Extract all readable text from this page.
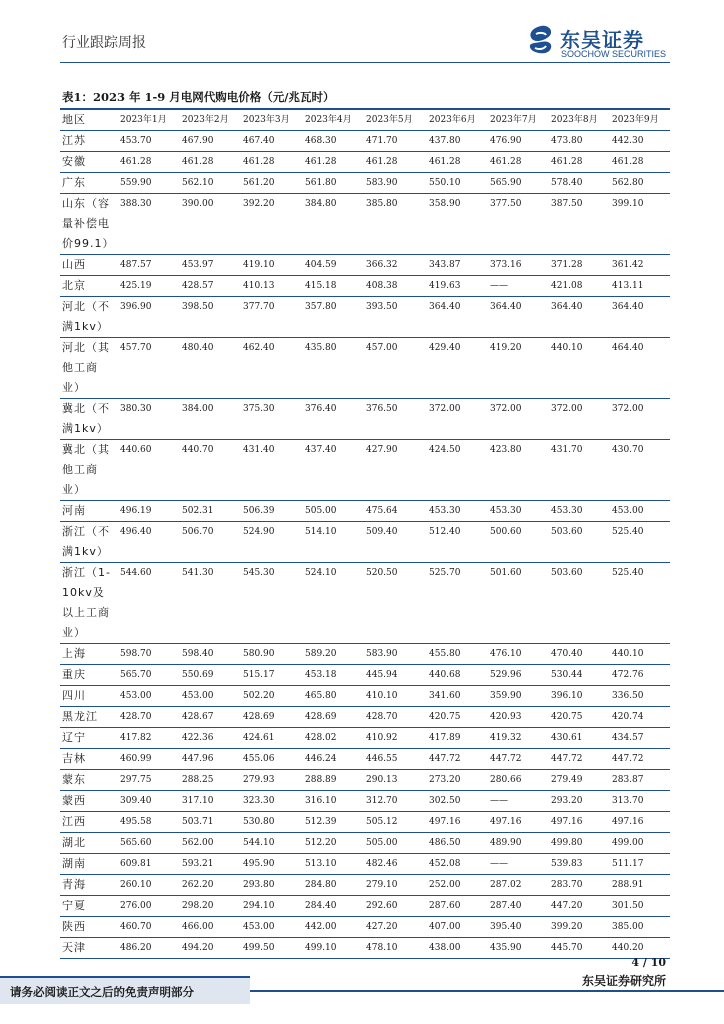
行业跟踪周报	东吴证券
SOOCHOW SECURITIES
表1：2023 年 1-9 月电网代购电价格（元/兆瓦时）
地区	2023年1月	2023年2月	2023年3月	2023年4月	2023年5月	2023年6月	2023年7月	2023年8月	2023年9月
江苏	453.70	467.90	467.40	468.30	471.70	437.80	476.90	473.80	442.30
安徽	461.28	461.28	461.28	461.28	461.28	461.28	461.28	461.28	461.28
广东	559.90	562.10	561.20	561.80	583.90	550.10	565.90	578.40	562.80
山东（容量补偿电价99.1）	388.30	390.00	392.20	384.80	385.80	358.90	377.50	387.50	399.10
山西	487.57	453.97	419.10	404.59	366.32	343.87	373.16	371.28	361.42
北京	425.19	428.57	410.13	415.18	408.38	419.63	——	421.08	413.11
河北（不满1kv）	396.90	398.50	377.70	357.80	393.50	364.40	364.40	364.40	364.40
河北（其他工商业）	457.70	480.40	462.40	435.80	457.00	429.40	419.20	440.10	464.40
冀北（不满1kv）	380.30	384.00	375.30	376.40	376.50	372.00	372.00	372.00	372.00
冀北（其他工商业）	440.60	440.70	431.40	437.40	427.90	424.50	423.80	431.70	430.70
河南	496.19	502.31	506.39	505.00	475.64	453.30	453.30	453.30	453.00
浙江（不满1kv）	496.40	506.70	524.90	514.10	509.40	512.40	500.60	503.60	525.40
浙江（1-10kv及以上工商业）	544.60	541.30	545.30	524.10	520.50	525.70	501.60	503.60	525.40
上海	598.70	598.40	580.90	589.20	583.90	455.80	476.10	470.40	440.10
重庆	565.70	550.69	515.17	453.18	445.94	440.68	529.96	530.44	472.76
四川	453.00	453.00	502.20	465.80	410.10	341.60	359.90	396.10	336.50
黑龙江	428.70	428.67	428.69	428.69	428.70	420.75	420.93	420.75	420.74
辽宁	417.82	422.36	424.61	428.02	410.92	417.89	419.32	430.61	434.57
吉林	460.99	447.96	455.06	446.24	446.55	447.72	447.72	447.72	447.72
蒙东	297.75	288.25	279.93	288.89	290.13	273.20	280.66	279.49	283.87
蒙西	309.40	317.10	323.30	316.10	312.70	302.50	——	293.20	313.70
江西	495.58	503.71	530.80	512.39	505.12	497.16	497.16	497.16	497.16
湖北	565.60	562.00	544.10	512.20	505.00	486.50	489.90	499.80	499.00
湖南	609.81	593.21	495.90	513.10	482.46	452.08	——	539.83	511.17
青海	260.10	262.20	293.80	284.80	279.10	252.00	287.02	283.70	288.91
宁夏	276.00	298.20	294.10	284.40	292.60	287.60	287.40	447.20	301.50
陕西	460.70	466.00	453.00	442.00	427.20	407.00	395.40	399.20	385.00
天津	486.20	494.20	499.50	499.10	478.10	438.00	435.90	445.70	440.20
4 / 10
请务必阅读正文之后的免责声明部分
东吴证券研究所
